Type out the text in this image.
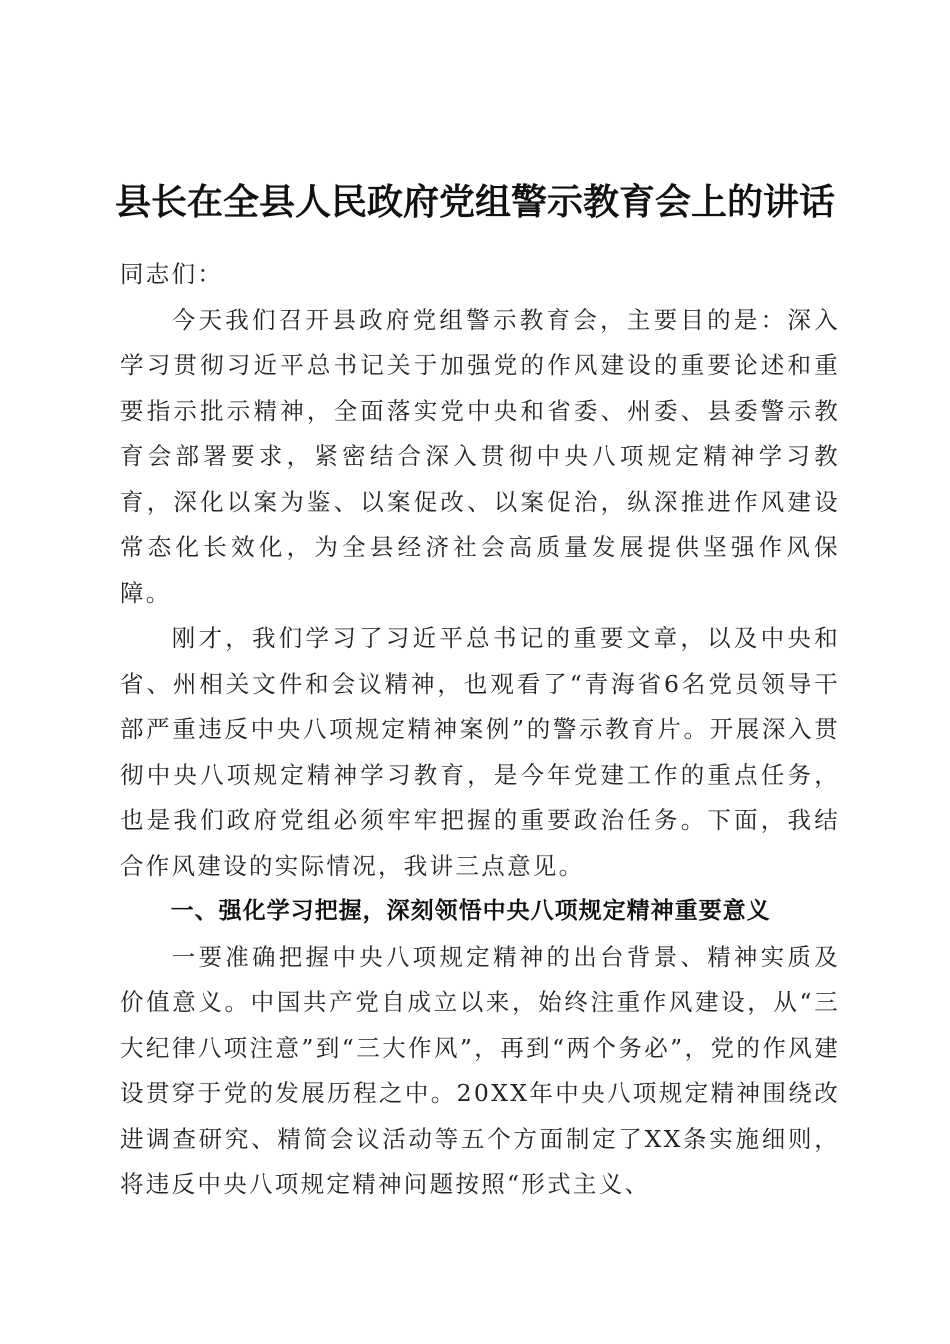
县长在全县人民政府党组警示教育会上的讲话

同志们：

今天我们召开县政府党组警示教育会，主要目的是：深入学习贯彻习近平总书记关于加强党的作风建设的重要论述和重要指示批示精神，全面落实党中央和省委、州委、县委警示教育会部署要求，紧密结合深入贯彻中央八项规定精神学习教育，深化以案为鉴、以案促改、以案促治，纵深推进作风建设常态化长效化，为全县经济社会高质量发展提供坚强作风保障。

刚才，我们学习了习近平总书记的重要文章，以及中央和省、州相关文件和会议精神，也观看了“青海省6名党员领导干部严重违反中央八项规定精神案例”的警示教育片。开展深入贯彻中央八项规定精神学习教育，是今年党建工作的重点任务，也是我们政府党组必须牢牢把握的重要政治任务。下面，我结合作风建设的实际情况，我讲三点意见。

一、强化学习把握，深刻领悟中央八项规定精神重要意义

一要准确把握中央八项规定精神的出台背景、精神实质及价值意义。中国共产党自成立以来，始终注重作风建设，从“三大纪律八项注意”到“三大作风”，再到“两个务必”，党的作风建设贯穿于党的发展历程之中。20XX年中央八项规定精神围绕改进调查研究、精简会议活动等五个方面制定了XX条实施细则，将违反中央八项规定精神问题按照“形式主义、
